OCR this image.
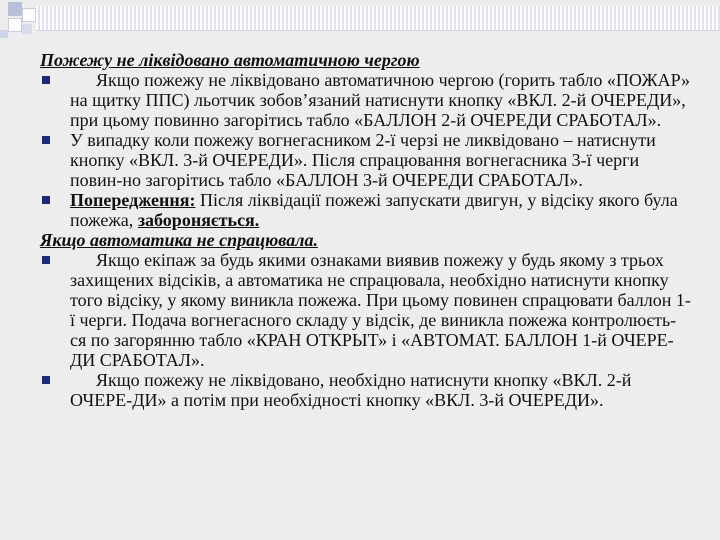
Пожежу не ліквідовано автоматичною чергою

Якщо пожежу не ліквідовано автоматичною чергою (горить табло «ПОЖАР» на щитку ППС) льотчик зобов’язаний натиснути кнопку «ВКЛ. 2-й ОЧЕРЕДИ», при цьому повинно загорітись табло «БАЛЛОН 2-й ОЧЕРЕДИ СРАБОТАЛ».

У випадку коли пожежу вогнегасником 2-ї черзі не ликвідовано – натиснути кнопку «ВКЛ. 3-й ОЧЕРЕДИ». Після спрацювання вогнегасника 3-ї черги повин-но загорітись табло «БАЛЛОН 3-й ОЧЕРЕДИ СРАБОТАЛ».

Попередження: Після ліквідації пожежі запускати двигун, у відсіку якого була пожежа, забороняється.

Якщо автоматика не спрацювала.

Якщо екіпаж за будь якими ознаками виявив пожежу у будь якому з трьох захищених відсіків, а автоматика не спрацювала, необхідно натиснути кнопку того відсіку, у якому виникла пожежа. При цьому повинен спрацювати баллон 1-ї черги. Подача вогнегасного складу у відсік, де виникла пожежа контролюєть-ся по загорянню табло «КРАН ОТКРЫТ» і «АВТОМАТ. БАЛЛОН 1-й ОЧЕРЕ-ДИ СРАБОТАЛ».

Якщо пожежу не ліквідовано, необхідно натиснути кнопку «ВКЛ. 2-й ОЧЕРЕ-ДИ» а потім при необхідності кнопку «ВКЛ. 3-й ОЧЕРЕДИ».
